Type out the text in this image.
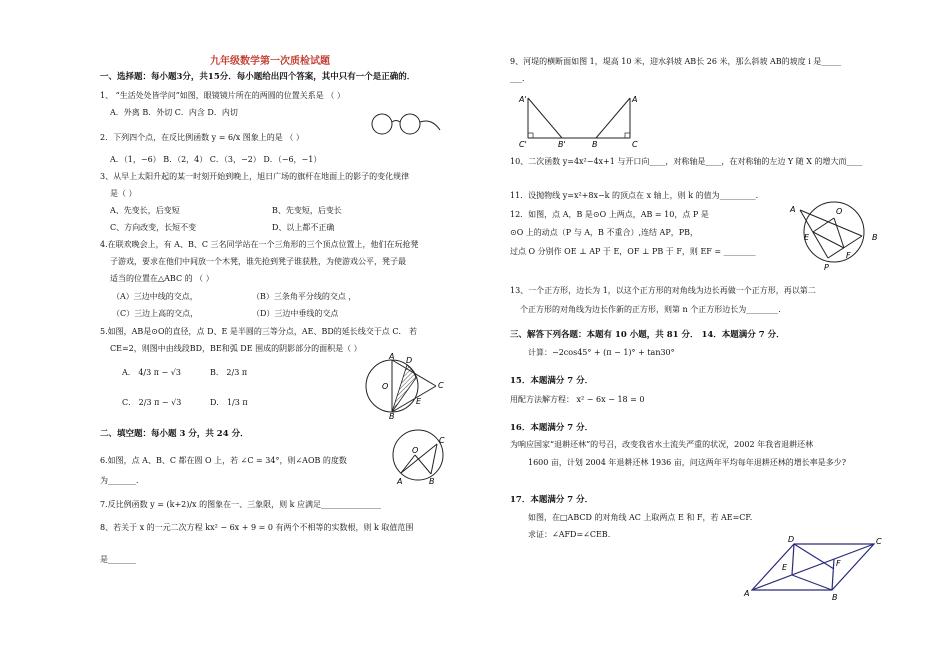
九年级数学第一次质检试题
一、选择题：每小题3分，共15分．每小题给出四个答案，其中只有一个是正确的．
1、 “生活处处皆学问”如图，眼镜镜片所在的两圆的位置关系是 （ ）
A．外离 B．外切 C．内含 D．内切
2．下列四个点，在反比例函数 y = 6/x 图象上的是 （ ）
A．（1，−6） B．（2，4） C．（3，−2） D．（−6，−1）
3、从早上太阳升起的某一时刻开始到晚上，旭日广场的旗杆在地面上的影子的变化规律
是（ ）
A、先变长，后变短	B、先变短，后变长
C、方向改变，长短不变	D、以上都不正确
4.在联欢晚会上，有 A、B、C 三名同学站在一个三角形的三个顶点位置上，他们在玩抢凳
子游戏，要求在他们中间放一个木凳，谁先抢到凳子谁获胜，为使游戏公平，凳子最
适当的位置在△ABC 的 （ ）
（A）三边中线的交点，	（B）三条角平分线的交点 ，
（C）三边上高的交点，	（D）三边中垂线的交点
5.如图，AB是⊙O的直径，点 D、E 是半圆的三等分点，AE、BD的延长线交于点 C． 若
CE=2，则图中由线段BD，BE和弧 DE 围成的阴影部分的面积是（ ）
A． 4/3 π − √3	B． 2/3 π
C． 2/3 π − √3	D． 1/3 π
A
O
B
D
E
C
二、填空题：每小题 3 分，共 24 分．
O
C
A	B
6.如图，点 A、B、C 都在圆 O 上，若 ∠C = 34°，则∠AOB 的度数
为_______．
7.反比例函数 y = (k+2)/x 的图象在一、三象限，则 k 应满足_______________
8、若关于 x 的一元二次方程 kx² − 6x + 9 = 0 有两个不相等的实数根，则 k 取值范围
是_______
9、河堤的横断面如图 1，堤高 10 米，迎水斜坡 AB长 26 米，那么斜坡 AB的坡度 i 是_____
___．
A'	A
C'	B'	B	C
10、二次函数 y=4x²−4x+1 与开口向____，对称轴是____，在对称轴的左边 Y 随 X 的增大而____
11．设抛物线 y=x²+8x−k 的顶点在 x 轴上，则 k 的值为_________．
12．如图，点 A，B 是⊙O 上两点，AB = 10，点 P 是
⊙O 上的动点（P 与 A，B 不重合）,连结 AP，PB，
过点 O 分别作 OE ⊥ AP 于 E，OF ⊥ PB 于 F，则 EF = ________
A	O
E	B
P
F
13、一个正方形，边长为 1，以这个正方形的对角线为边长再做一个正方形，再以第二
个正方形的对角线为边长作新的正方形，则第 n 个正方形边长为________．
三、解答下列各题：本题有 10 小题，共 81 分． 14．本题满分 7 分．
计算：−2cos45° + (π − 1)° + tan30°
15．本题满分 7 分．
用配方法解方程： x² − 6x − 18 = 0
16．本题满分 7 分．
为响应国家“退耕还林”的号召，改变我省水土流失严重的状况，2002 年我省退耕还林
1600 亩，计划 2004 年退耕还林 1936 亩，问这两年平均每年退耕还林的增长率是多少?
17．本题满分 7 分．
如图，在□ABCD 的对角线 AC 上取两点 E 和 F，若 AE=CF.
求证：∠AFD=∠CEB.
D	C
E	F
A	B
